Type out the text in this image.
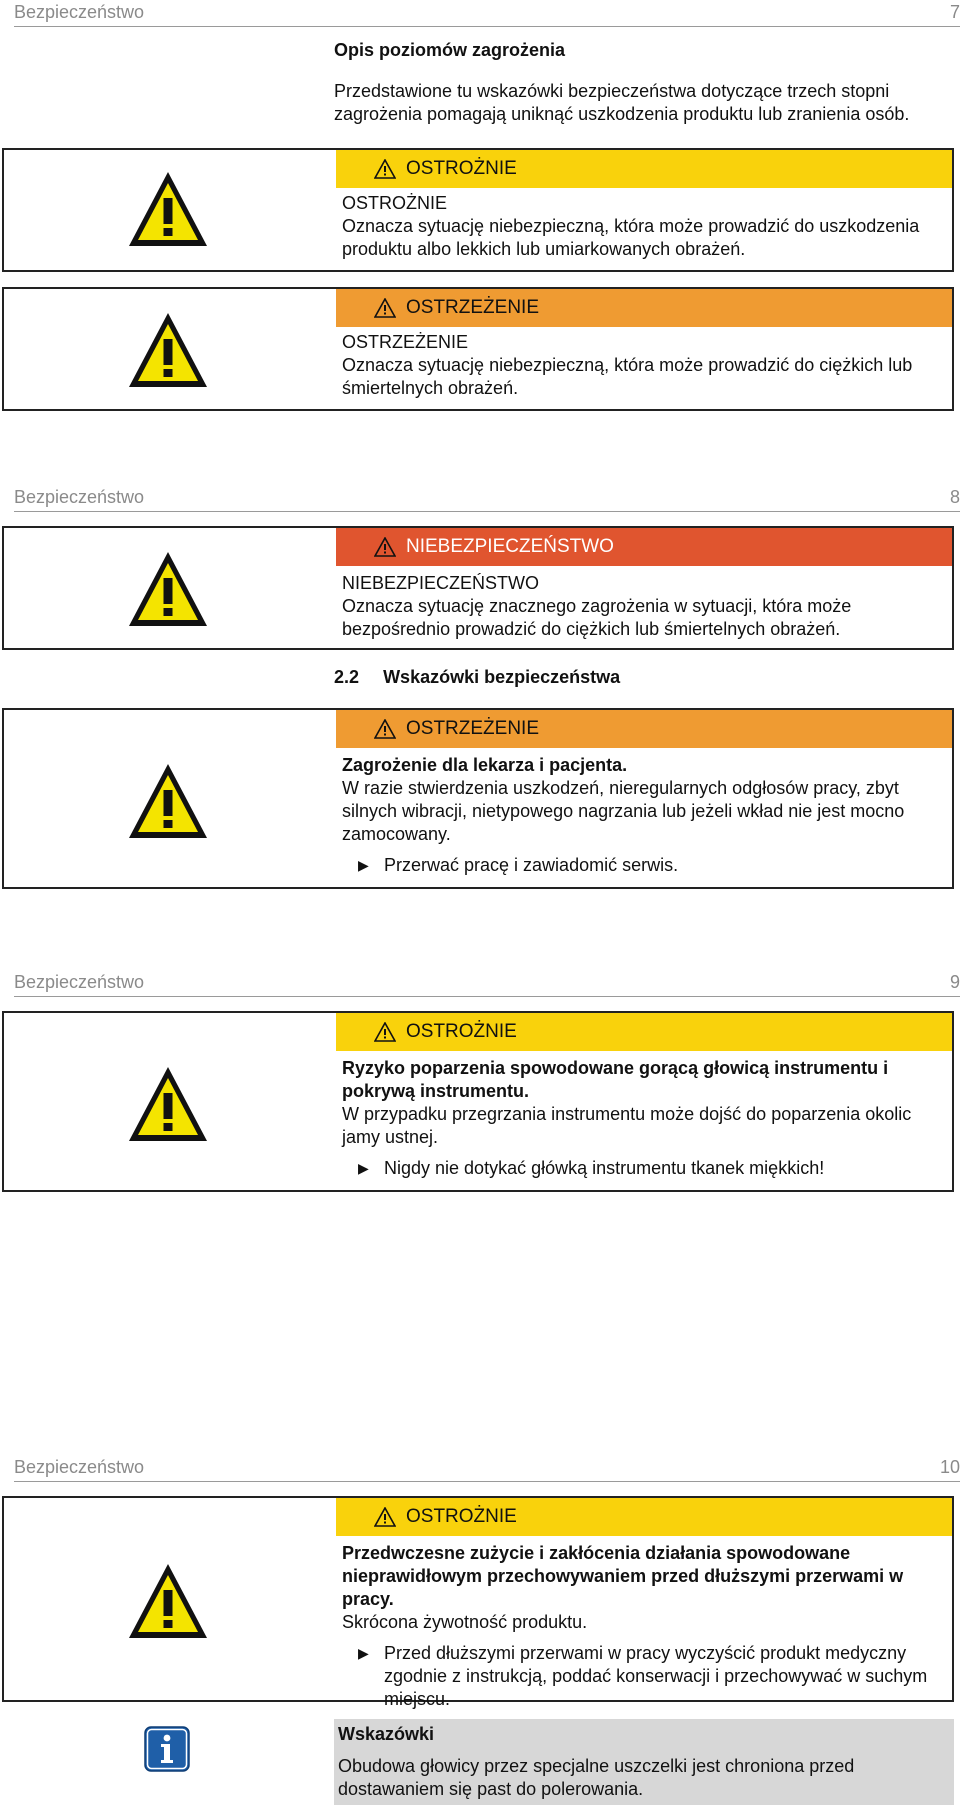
Bezpieczeństwo	7
Opis poziomów zagrożenia
Przedstawione tu wskazówki bezpieczeństwa dotyczące trzech stopni zagrożenia pomagają uniknąć uszkodzenia produktu lub zranienia osób.
OSTROŻNIE
OSTROŻNIE
Oznacza sytuację niebezpieczną, która może prowadzić do uszkodzenia produktu albo lekkich lub umiarkowanych obrażeń.
OSTRZEŻENIE
OSTRZEŻENIE
Oznacza sytuację niebezpieczną, która może prowadzić do ciężkich lub śmiertelnych obrażeń.
Bezpieczeństwo	8
NIEBEZPIECZEŃSTWO
NIEBEZPIECZEŃSTWO
Oznacza sytuację znacznego zagrożenia w sytuacji, która może bezpośrednio prowadzić do ciężkich lub śmiertelnych obrażeń.
2.2 Wskazówki bezpieczeństwa
OSTRZEŻENIE
Zagrożenie dla lekarza i pacjenta.
W razie stwierdzenia uszkodzeń, nieregularnych odgłosów pracy, zbyt silnych wibracji, nietypowego nagrzania lub jeżeli wkład nie jest mocno zamocowany.
▶ Przerwać pracę i zawiadomić serwis.
Bezpieczeństwo	9
OSTROŻNIE
Ryzyko poparzenia spowodowane gorącą głowicą instrumentu i pokrywą instrumentu.
W przypadku przegrzania instrumentu może dojść do poparzenia okolic jamy ustnej.
▶ Nigdy nie dotykać główką instrumentu tkanek miękkich!
Bezpieczeństwo	10
OSTROŻNIE
Przedwczesne zużycie i zakłócenia działania spowodowane nieprawidłowym przechowywaniem przed dłuższymi przerwami w pracy.
Skrócona żywotność produktu.
▶ Przed dłuższymi przerwami w pracy wyczyścić produkt medyczny zgodnie z instrukcją, poddać konserwacji i przechowywać w suchym miejscu.
Wskazówki
Obudowa głowicy przez specjalne uszczelki jest chroniona przed dostawaniem się past do polerowania.
